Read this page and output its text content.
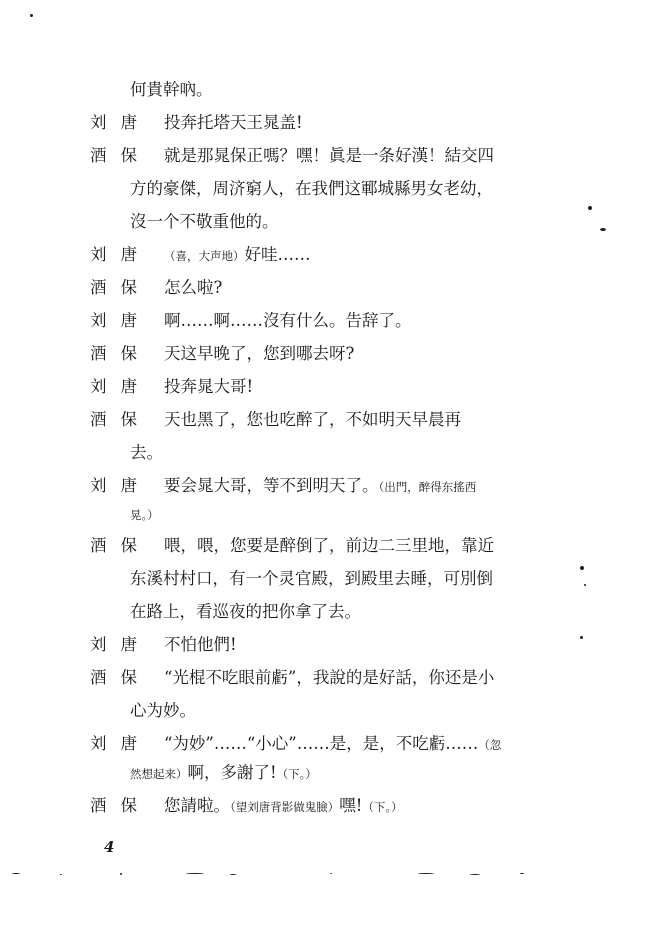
何貴幹吶。
刘唐 投奔托塔天王晁盖!
酒保 就是那晁保正嗎？嘿！眞是一条好漢！結交四
方的豪傑，周济窮人，在我們这鄆城縣男女老幼，
沒一个不敬重他的。
刘唐 （喜，大声地）好哇……
酒保 怎么啦?
刘唐 啊……啊……沒有什么。告辞了。
酒保 天这早晚了，您到哪去呀?
刘唐 投奔晁大哥!
酒保 天也黑了，您也吃醉了，不如明天早晨再
去。
刘唐 要会晁大哥，等不到明天了。（出門，醉得东搖西
晃。）
酒保 喂，喂，您要是醉倒了，前边二三里地，靠近
东溪村村口，有一个灵官殿，到殿里去睡，可別倒
在路上，看巡夜的把你拿了去。
刘唐 不怕他們!
酒保 “光棍不吃眼前虧”，我說的是好話，你还是小
心为妙。
刘唐 “为妙”……“小心”……是，是，不吃虧……（忽
然想起来）啊，多謝了!（下。）
酒保 您請啦。（望刘唐背影做鬼臉）嘿!（下。）
4
